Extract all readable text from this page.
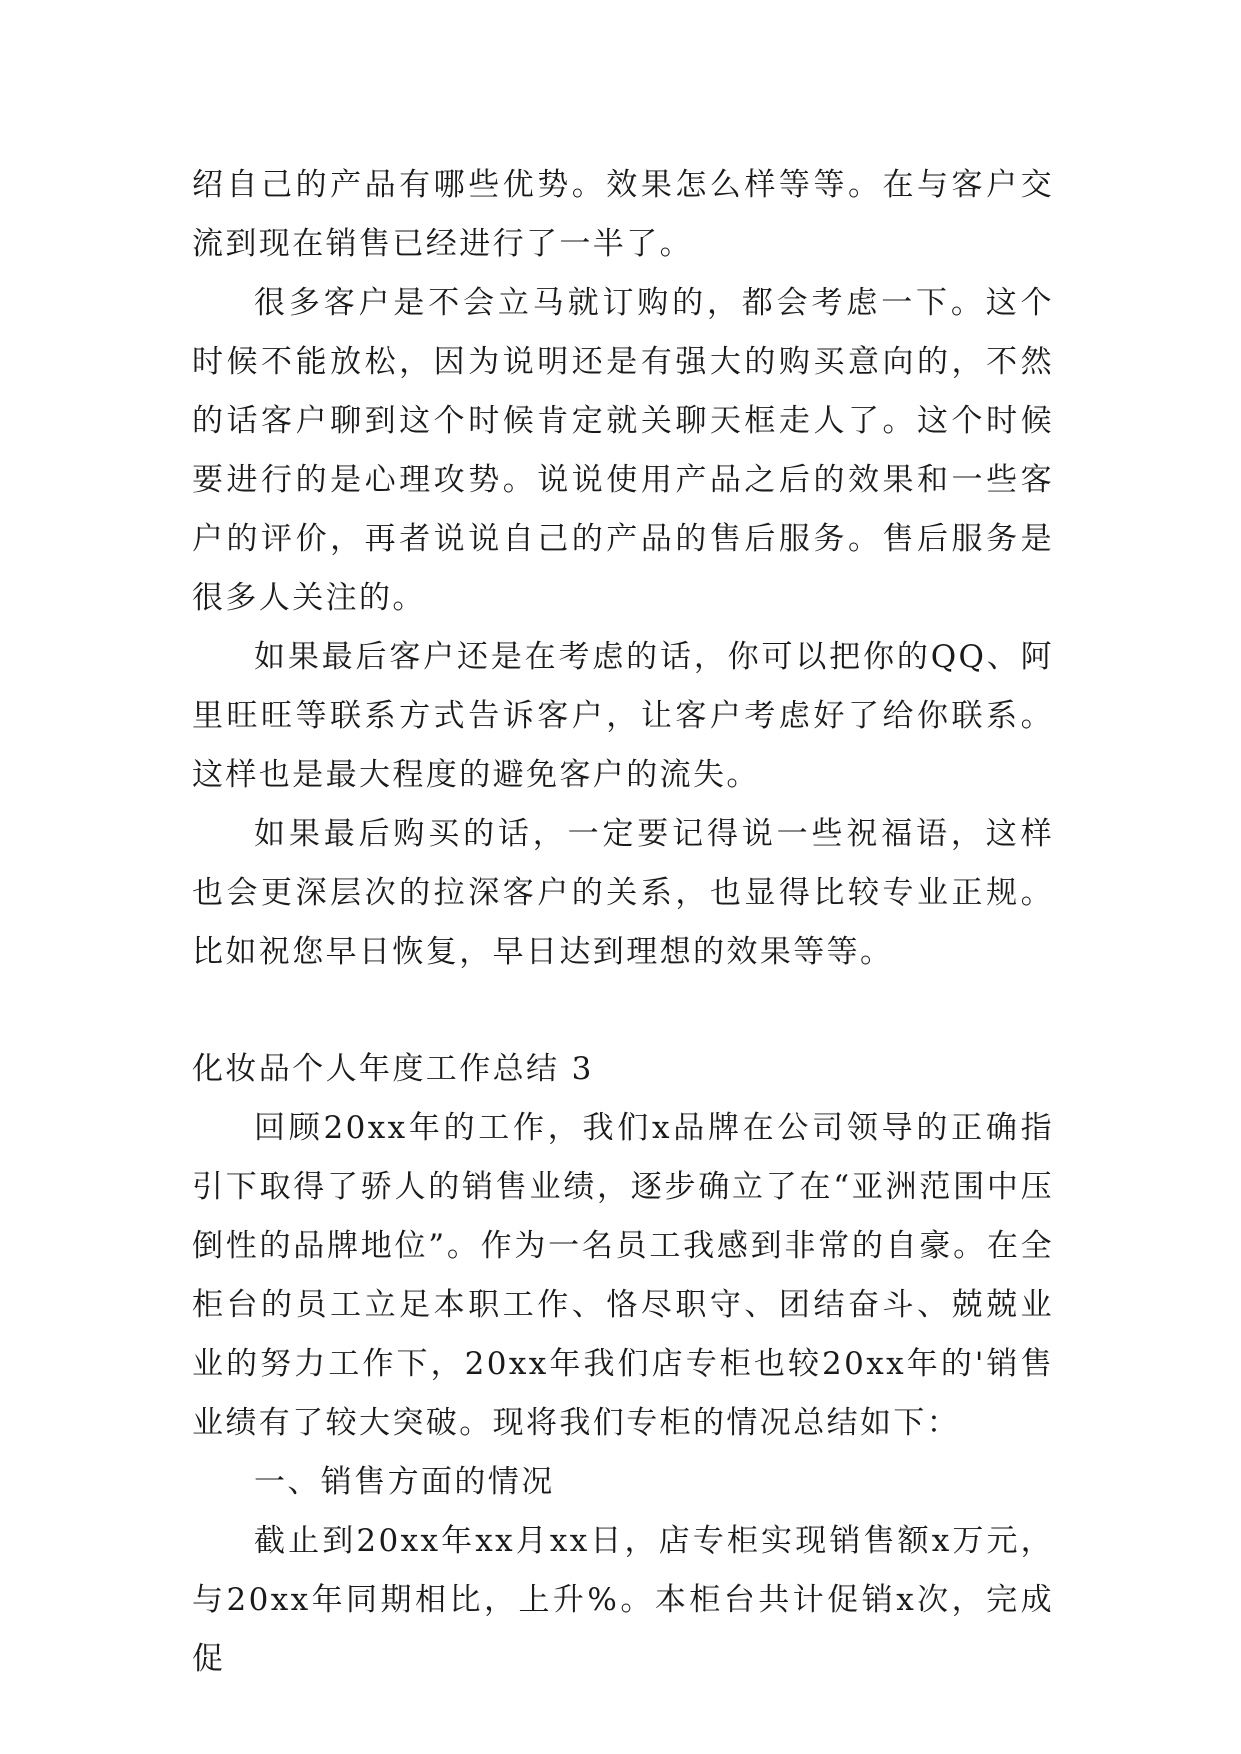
绍自己的产品有哪些优势。效果怎么样等等。在与客户交流到现在销售已经进行了一半了。

很多客户是不会立马就订购的，都会考虑一下。这个时候不能放松，因为说明还是有强大的购买意向的，不然的话客户聊到这个时候肯定就关聊天框走人了。这个时候要进行的是心理攻势。说说使用产品之后的效果和一些客户的评价，再者说说自己的产品的售后服务。售后服务是很多人关注的。

如果最后客户还是在考虑的话，你可以把你的QQ、阿里旺旺等联系方式告诉客户，让客户考虑好了给你联系。这样也是最大程度的避免客户的流失。

如果最后购买的话，一定要记得说一些祝福语，这样也会更深层次的拉深客户的关系，也显得比较专业正规。比如祝您早日恢复，早日达到理想的效果等等。

化妆品个人年度工作总结 3

回顾20xx年的工作，我们x品牌在公司领导的正确指引下取得了骄人的销售业绩，逐步确立了在“亚洲范围中压倒性的品牌地位”。作为一名员工我感到非常的自豪。在全柜台的员工立足本职工作、恪尽职守、团结奋斗、兢兢业业的努力工作下，20xx年我们店专柜也较20xx年的'销售业绩有了较大突破。现将我们专柜的情况总结如下：

一、销售方面的情况

截止到20xx年xx月xx日，店专柜实现销售额x万元，与20xx年同期相比，上升%。本柜台共计促销x次，完成促
